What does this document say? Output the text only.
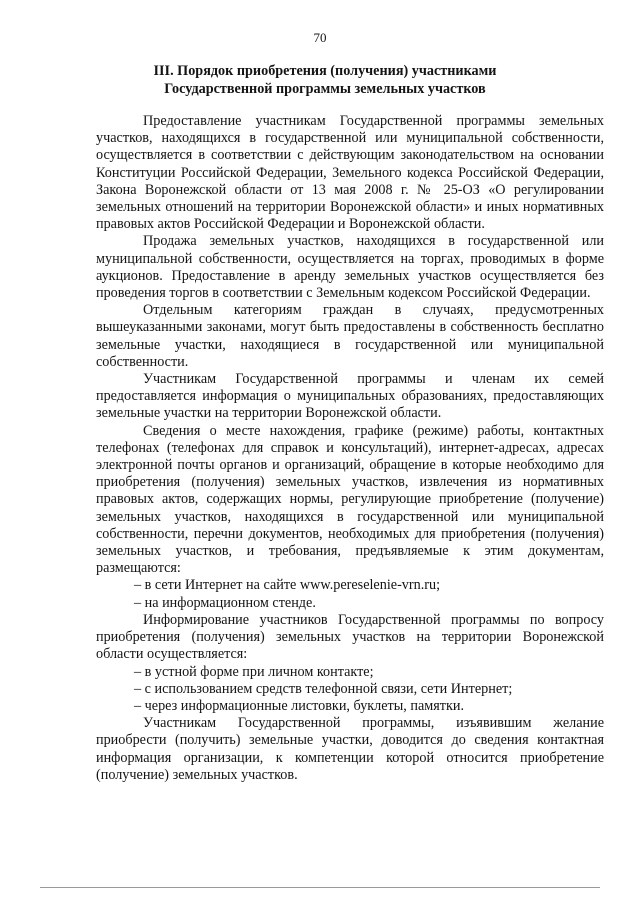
70
III. Порядок приобретения (получения) участниками
Государственной программы земельных участков

Предоставление участникам Государственной программы земельных участков, находящихся в государственной или муниципальной собственности, осуществляется в соответствии с действующим законодательством на основании Конституции Российской Федерации, Земельного кодекса Российской Федерации, Закона Воронежской области от 13 мая 2008 г. № 25-ОЗ «О регулировании земельных отношений на территории Воронежской области» и иных нормативных правовых актов Российской Федерации и Воронежской области.

Продажа земельных участков, находящихся в государственной или муниципальной собственности, осуществляется на торгах, проводимых в форме аукционов. Предоставление в аренду земельных участков осуществляется без проведения торгов в соответствии с Земельным кодексом Российской Федерации.

Отдельным категориям граждан в случаях, предусмотренных вышеуказанными законами, могут быть предоставлены в собственность бесплатно земельные участки, находящиеся в государственной или муниципальной собственности.

Участникам Государственной программы и членам их семей предоставляется информация о муниципальных образованиях, предоставляющих земельные участки на территории Воронежской области.

Сведения о месте нахождения, графике (режиме) работы, контактных телефонах (телефонах для справок и консультаций), интернет-адресах, адресах электронной почты органов и организаций, обращение в которые необходимо для приобретения (получения) земельных участков, извлечения из нормативных правовых актов, содержащих нормы, регулирующие приобретение (получение) земельных участков, находящихся в государственной или муниципальной собственности, перечни документов, необходимых для приобретения (получения) земельных участков, и требования, предъявляемые к этим документам, размещаются:

– в сети Интернет на сайте www.pereselenie-vrn.ru;

– на информационном стенде.

Информирование участников Государственной программы по вопросу приобретения (получения) земельных участков на территории Воронежской области осуществляется:

– в устной форме при личном контакте;

– с использованием средств телефонной связи, сети Интернет;

– через информационные листовки, буклеты, памятки.

Участникам Государственной программы, изъявившим желание приобрести (получить) земельные участки, доводится до сведения контактная информация организации, к компетенции которой относится приобретение (получение) земельных участков.
